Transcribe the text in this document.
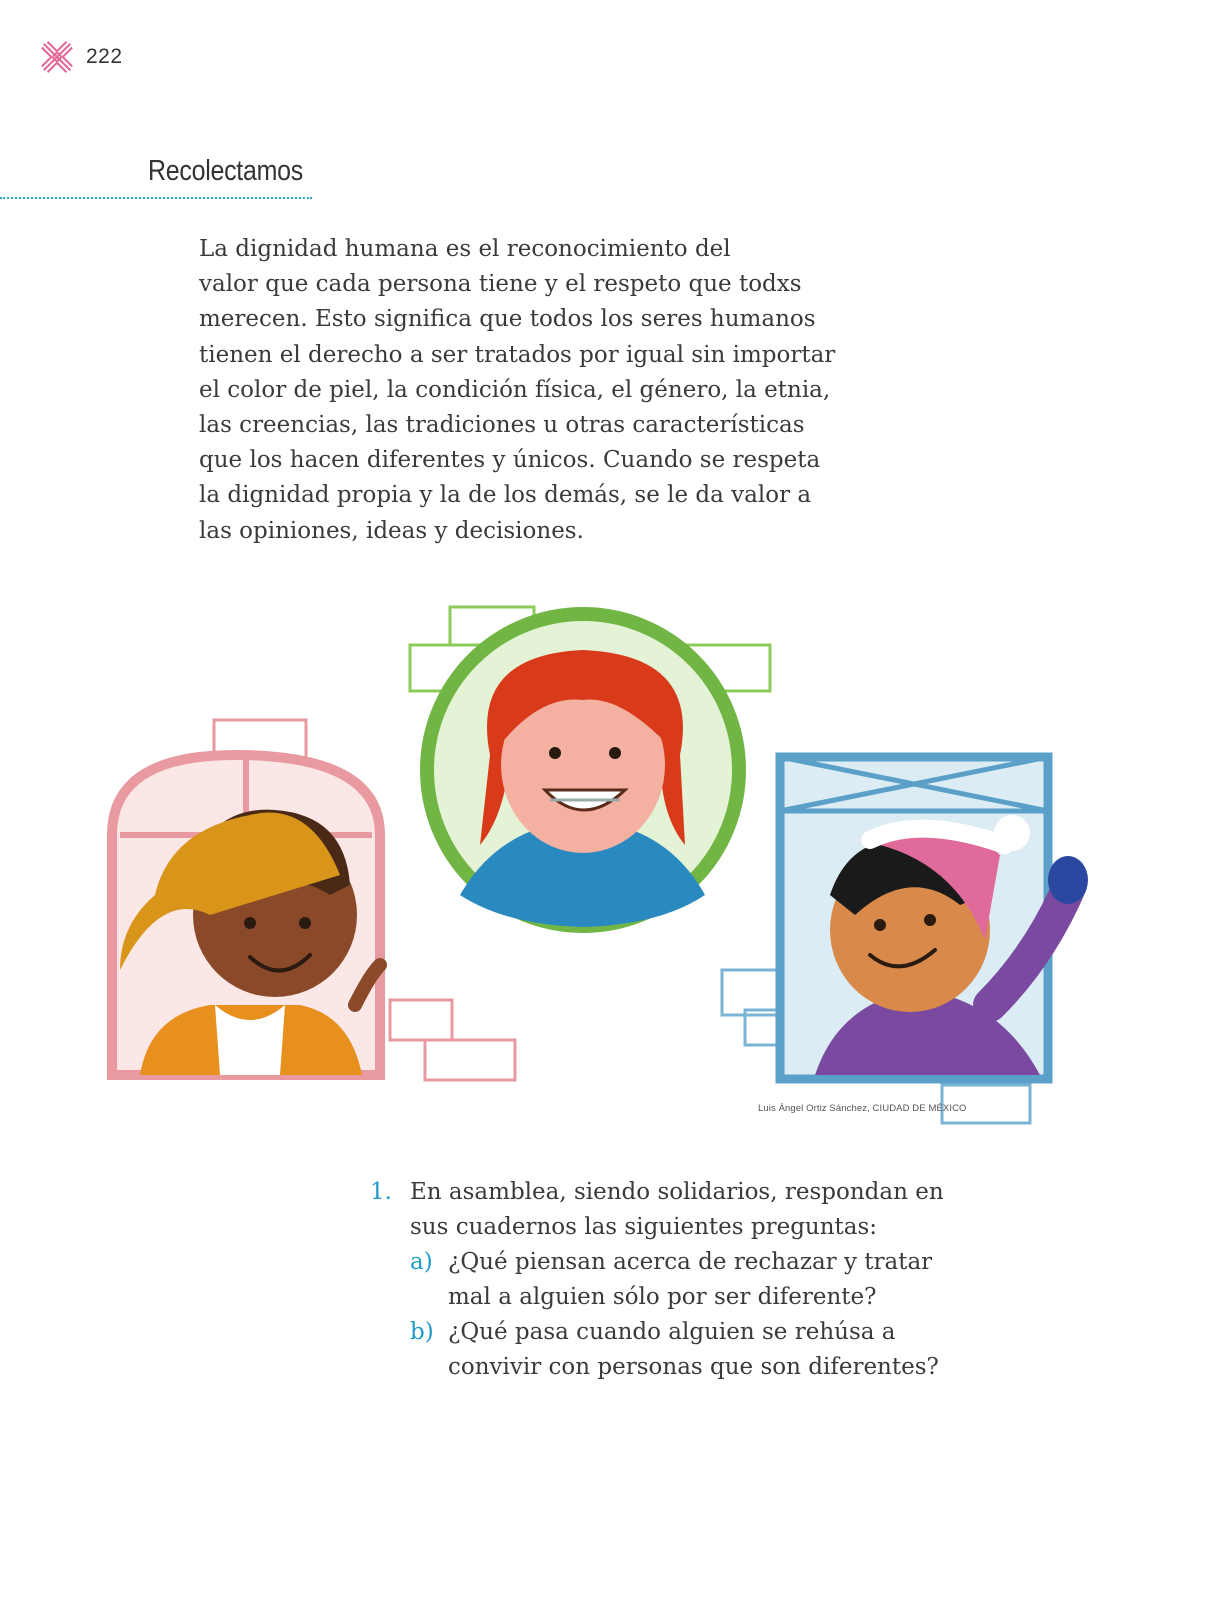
222
Recolectamos

La dignidad humana es el reconocimiento del
valor que cada persona tiene y el respeto que todxs
merecen. Esto significa que todos los seres humanos
tienen el derecho a ser tratados por igual sin importar
el color de piel, la condición física, el género, la etnia,
las creencias, las tradiciones u otras características
que los hacen diferentes y únicos. Cuando se respeta
la dignidad propia y la de los demás, se le da valor a
las opiniones, ideas y decisiones.

Luis Ángel Ortiz Sánchez, CIUDAD DE MÉXICO
1. En asamblea, siendo solidarios, respondan en
sus cuadernos las siguientes preguntas:
a) ¿Qué piensan acerca de rechazar y tratar
mal a alguien sólo por ser diferente?
b) ¿Qué pasa cuando alguien se rehúsa a
convivir con personas que son diferentes?
